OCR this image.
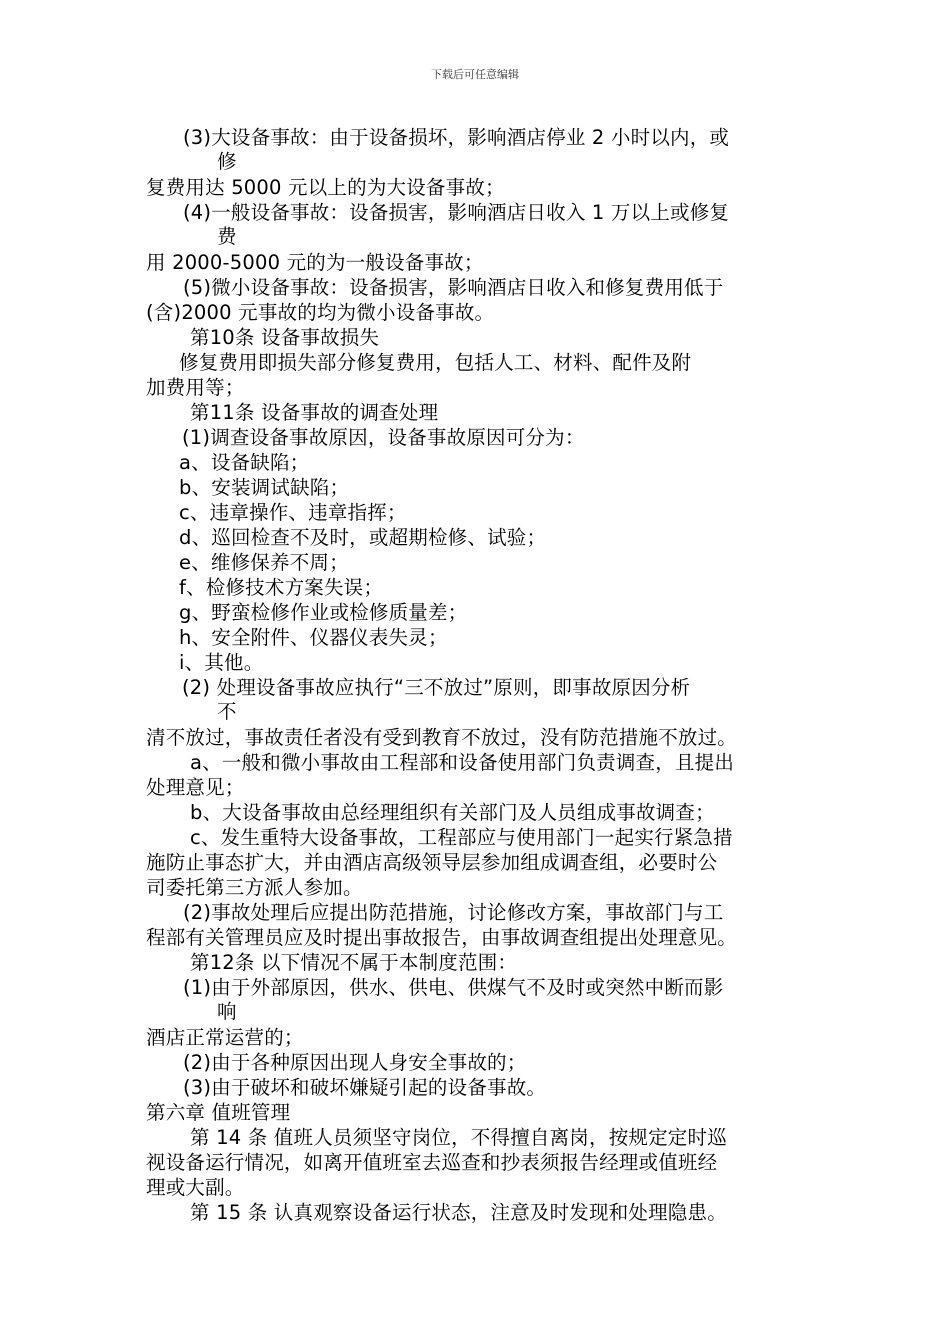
下载后可任意编辑
(3)大设备事故：由于设备损坏，影响酒店停业 2 小时以内，或
修
复费用达 5000 元以上的为大设备事故；
(4)一般设备事故：设备损害，影响酒店日收入 1 万以上或修复
费
用 2000-5000 元的为一般设备事故；
(5)微小设备事故：设备损害，影响酒店日收入和修复费用低于
(含)2000 元事故的均为微小设备事故。
第10条 设备事故损失
修复费用即损失部分修复费用，包括人工、材料、配件及附
加费用等；
第11条 设备事故的调查处理
(1)调查设备事故原因，设备事故原因可分为：
a、设备缺陷；
b、安装调试缺陷；
c、违章操作、违章指挥；
d、巡回检查不及时，或超期检修、试验；
e、维修保养不周；
f、检修技术方案失误；
g、野蛮检修作业或检修质量差；
h、安全附件、仪器仪表失灵；
i、其他。
(2) 处理设备事故应执行“三不放过”原则，即事故原因分析
不
清不放过，事故责任者没有受到教育不放过，没有防范措施不放过。
a、一般和微小事故由工程部和设备使用部门负责调查，且提出
处理意见；
b、大设备事故由总经理组织有关部门及人员组成事故调查；
c、发生重特大设备事故，工程部应与使用部门一起实行紧急措
施防止事态扩大，并由酒店高级领导层参加组成调查组，必要时公
司委托第三方派人参加。
(2)事故处理后应提出防范措施，讨论修改方案，事故部门与工
程部有关管理员应及时提出事故报告，由事故调查组提出处理意见。
第12条 以下情况不属于本制度范围：
(1)由于外部原因，供水、供电、供煤气不及时或突然中断而影
响
酒店正常运营的；
(2)由于各种原因出现人身安全事故的；
(3)由于破坏和破坏嫌疑引起的设备事故。
第六章 值班管理
第 14 条 值班人员须坚守岗位，不得擅自离岗，按规定定时巡
视设备运行情况，如离开值班室去巡查和抄表须报告经理或值班经
理或大副。
第 15 条 认真观察设备运行状态，注意及时发现和处理隐患。
